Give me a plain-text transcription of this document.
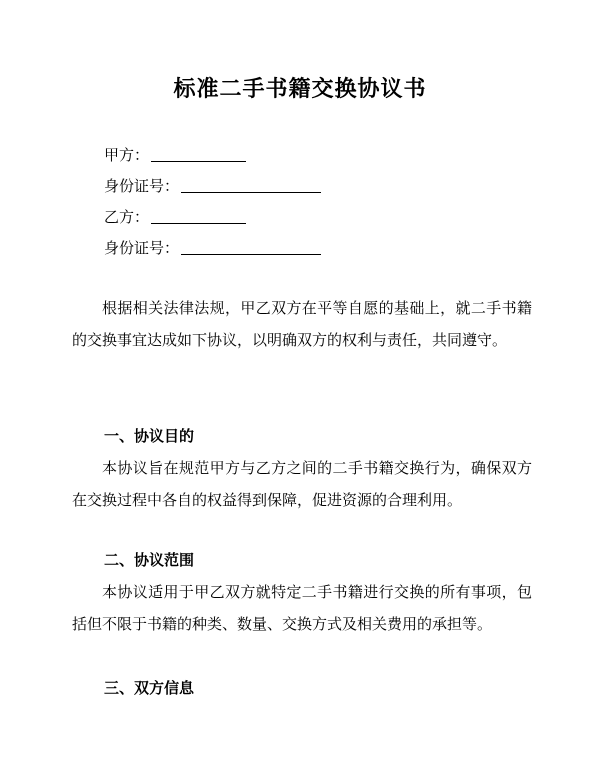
标准二手书籍交换协议书
甲方：
身份证号：
乙方：
身份证号：
根据相关法律法规，甲乙双方在平等自愿的基础上，就二手书籍的交换事宜达成如下协议，以明确双方的权利与责任，共同遵守。
一、协议目的
本协议旨在规范甲方与乙方之间的二手书籍交换行为，确保双方在交换过程中各自的权益得到保障，促进资源的合理利用。
二、协议范围
本协议适用于甲乙双方就特定二手书籍进行交换的所有事项，包括但不限于书籍的种类、数量、交换方式及相关费用的承担等。
三、双方信息
